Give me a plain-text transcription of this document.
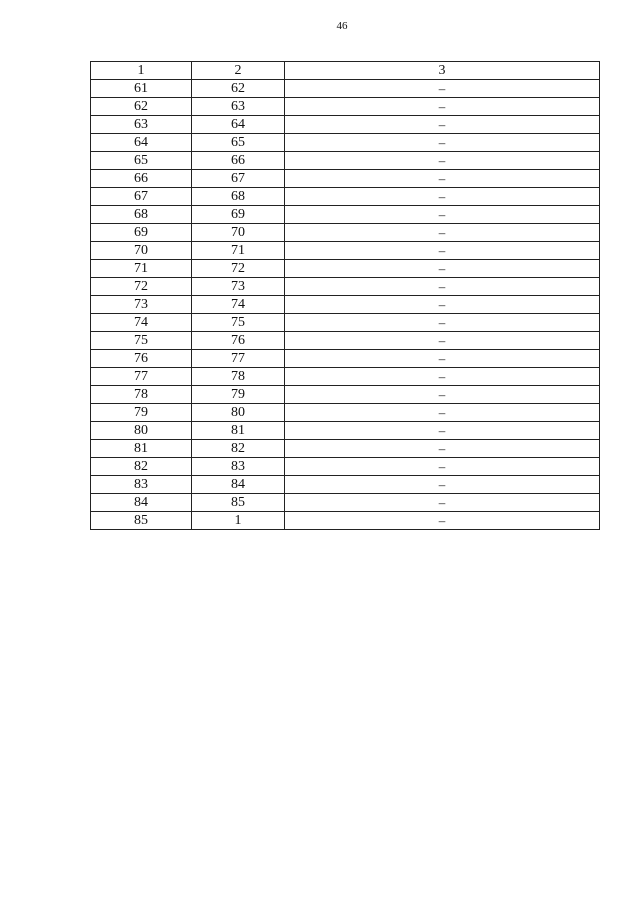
46
1	2	3
61	62	–
62	63	–
63	64	–
64	65	–
65	66	–
66	67	–
67	68	–
68	69	–
69	70	–
70	71	–
71	72	–
72	73	–
73	74	–
74	75	–
75	76	–
76	77	–
77	78	–
78	79	–
79	80	–
80	81	–
81	82	–
82	83	–
83	84	–
84	85	–
85	1	–
